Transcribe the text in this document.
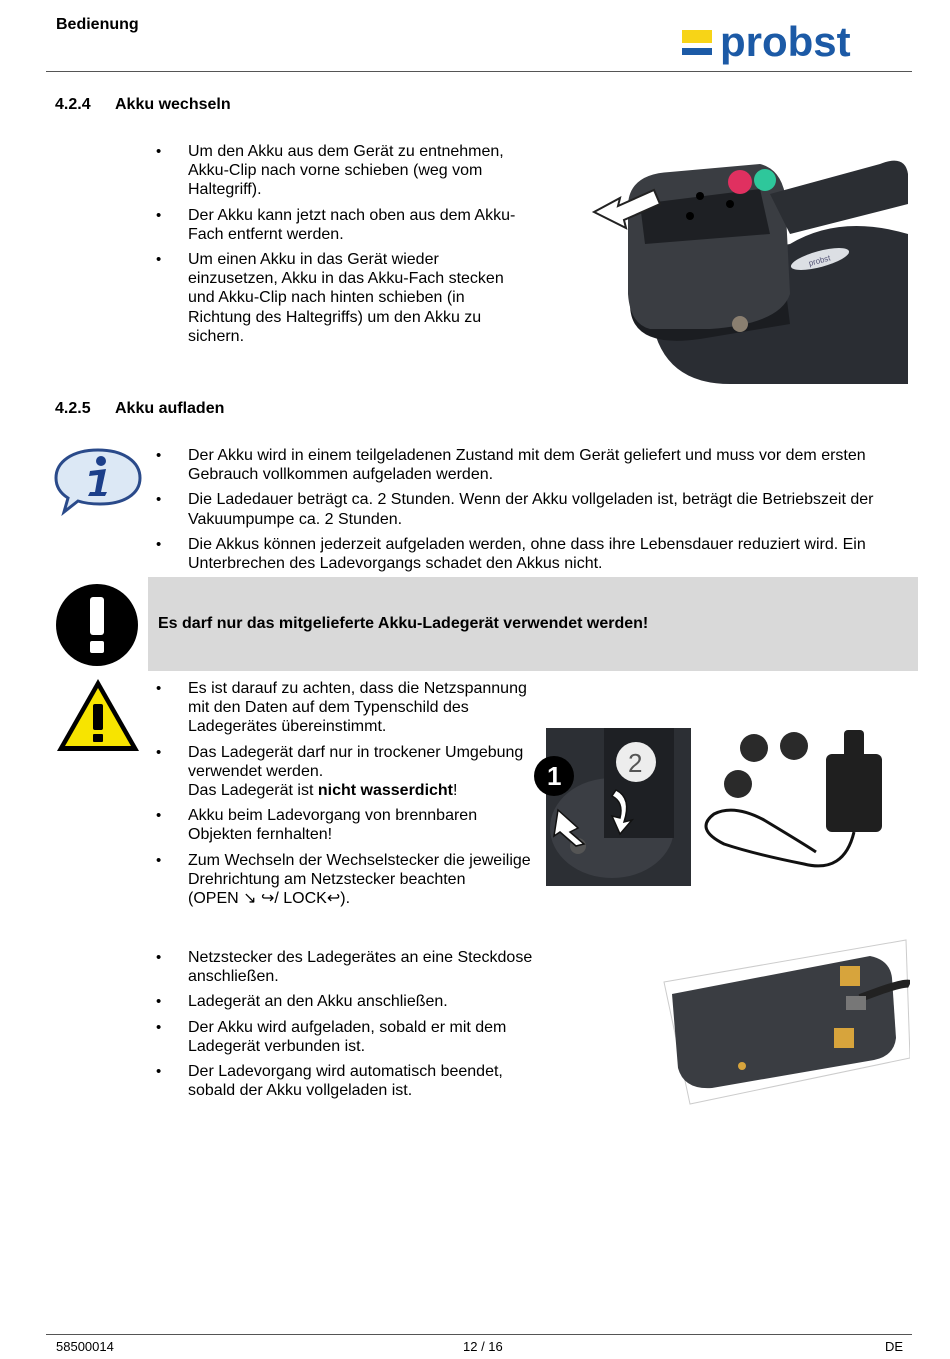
Bedienung	probst
4.2.4 Akku wechseln
• Um den Akku aus dem Gerät zu entnehmen, Akku-Clip nach vorne schieben (weg vom Haltegriff).
• Der Akku kann jetzt nach oben aus dem Akku-Fach entfernt werden.
• Um einen Akku in das Gerät wieder einzusetzen, Akku in das Akku-Fach stecken und Akku-Clip nach hinten schieben (in Richtung des Haltegriffs) um den Akku zu sichern.
probst
4.2.5 Akku aufladen
• Der Akku wird in einem teilgeladenen Zustand mit dem Gerät geliefert und muss vor dem ersten Gebrauch vollkommen aufgeladen werden.
• Die Ladedauer beträgt ca. 2 Stunden. Wenn der Akku vollgeladen ist, beträgt die Betriebszeit der Vakuumpumpe ca. 2 Stunden.
• Die Akkus können jederzeit aufgeladen werden, ohne dass ihre Lebensdauer reduziert wird. Ein Unterbrechen des Ladevorgangs schadet den Akkus nicht.
Es darf nur das mitgelieferte Akku-Ladegerät verwendet werden!
• Es ist darauf zu achten, dass die Netzspannung mit den Daten auf dem Typenschild des Ladegerätes übereinstimmt.
• Das Ladegerät darf nur in trockener Umgebung verwendet werden.
Das Ladegerät ist nicht wasserdicht!
• Akku beim Ladevorgang von brennbaren Objekten fernhalten!
• Zum Wechseln der Wechselstecker die jeweilige Drehrichtung am Netzstecker beachten
(OPEN ↘ ↪/ LOCK↩).
1	2
• Netzstecker des Ladegerätes an eine Steckdose anschließen.
• Ladegerät an den Akku anschließen.
• Der Akku wird aufgeladen, sobald er mit dem Ladegerät verbunden ist.
• Der Ladevorgang wird automatisch beendet, sobald der Akku vollgeladen ist.
58500014	12 / 16	DE
